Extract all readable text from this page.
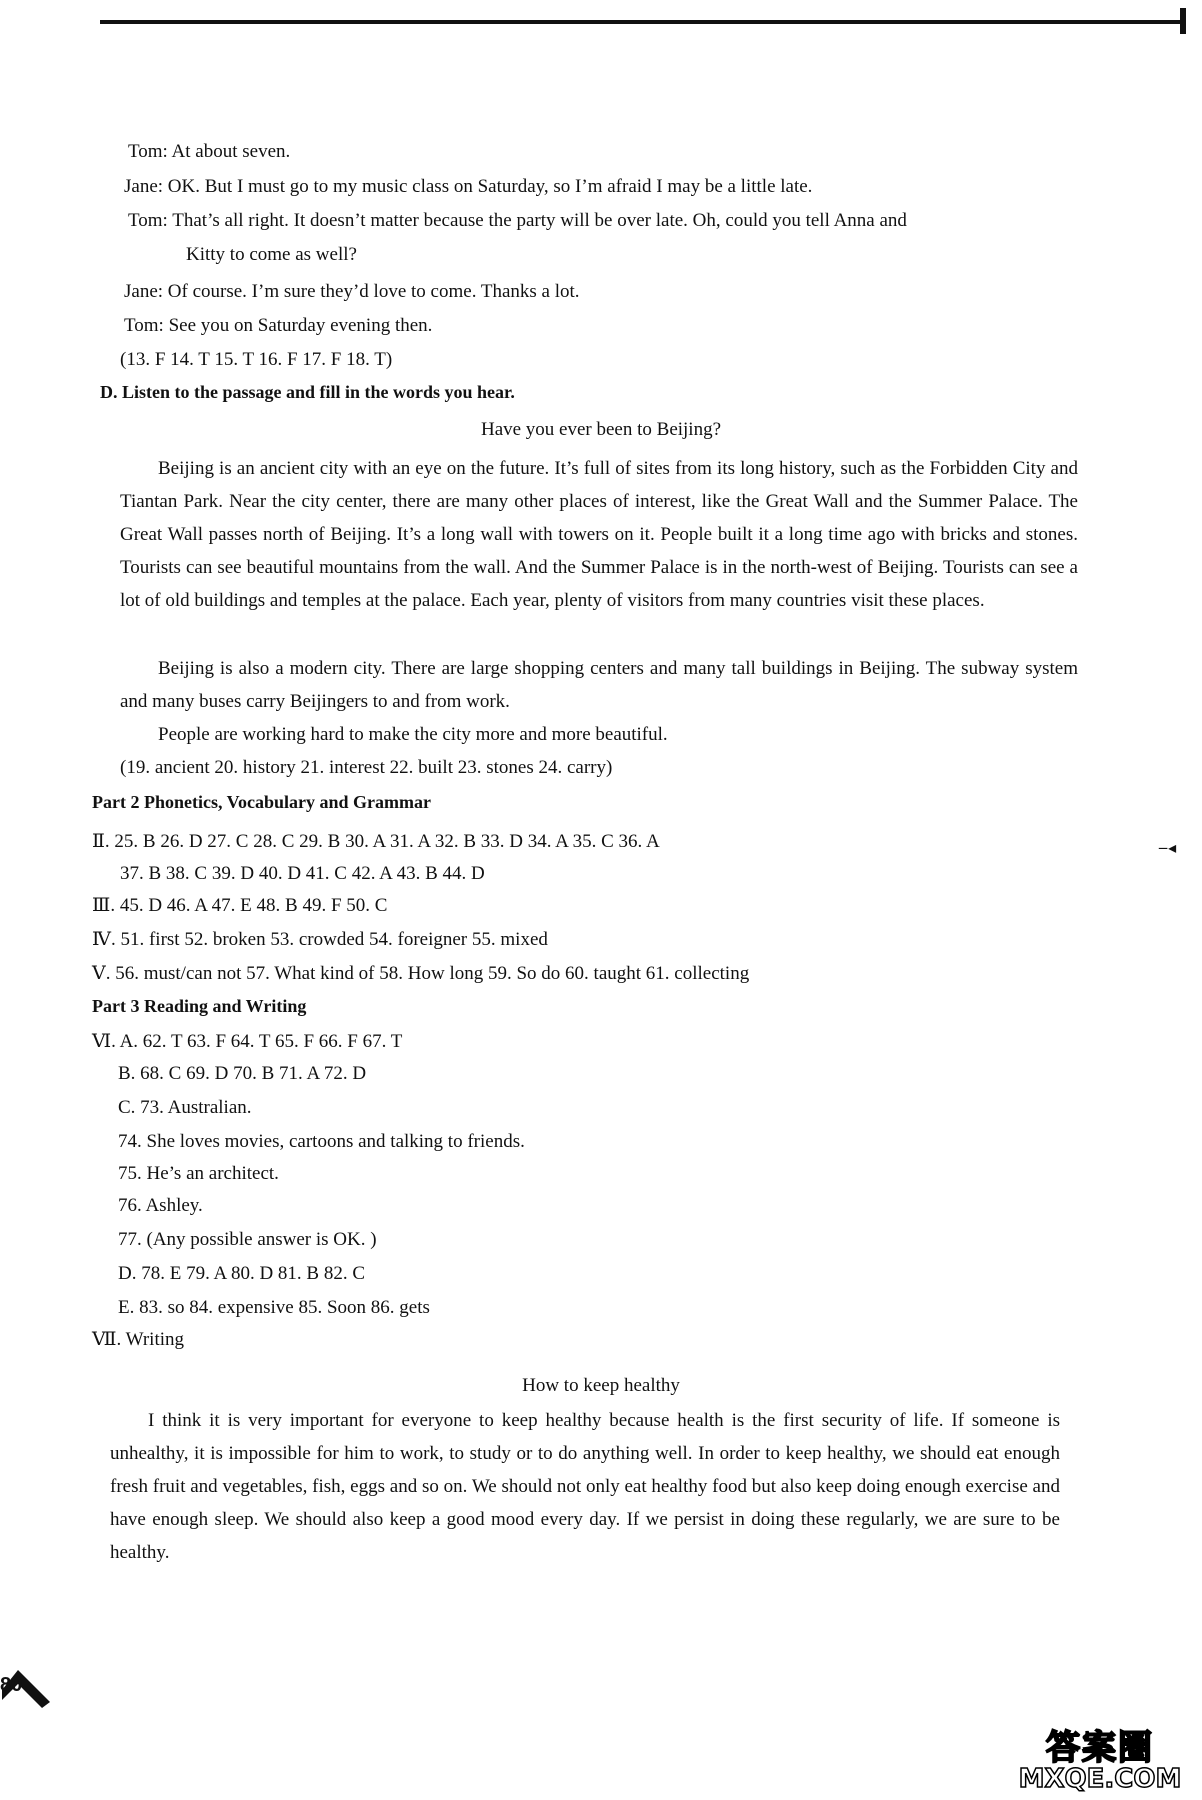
Tom: At about seven.
Jane: OK. But I must go to my music class on Saturday, so I’m afraid I may be a little late.
Tom: That’s all right. It doesn’t matter because the party will be over late. Oh, could you tell Anna and
Kitty to come as well?
Jane: Of course. I’m sure they’d love to come. Thanks a lot.
Tom: See you on Saturday evening then.
(13. F 14. T 15. T 16. F 17. F 18. T)
D. Listen to the passage and fill in the words you hear.
Have you ever been to Beijing?
Beijing is an ancient city with an eye on the future. It’s full of sites from its long history, such as the Forbidden City and Tiantan Park. Near the city center, there are many other places of interest, like the Great Wall and the Summer Palace. The Great Wall passes north of Beijing. It’s a long wall with towers on it. People built it a long time ago with bricks and stones. Tourists can see beautiful mountains from the wall. And the Summer Palace is in the north-west of Beijing. Tourists can see a lot of old buildings and temples at the palace. Each year, plenty of visitors from many countries visit these places.
Beijing is also a modern city. There are large shopping centers and many tall buildings in Beijing. The subway system and many buses carry Beijingers to and from work.
People are working hard to make the city more and more beautiful.
(19. ancient 20. history 21. interest 22. built 23. stones 24. carry)
Part 2 Phonetics, Vocabulary and Grammar
Ⅱ. 25. B 26. D 27. C 28. C 29. B 30. A 31. A 32. B 33. D 34. A 35. C 36. A
37. B 38. C 39. D 40. D 41. C 42. A 43. B 44. D
Ⅲ. 45. D 46. A 47. E 48. B 49. F 50. C
Ⅳ. 51. first 52. broken 53. crowded 54. foreigner 55. mixed
Ⅴ. 56. must/can not 57. What kind of 58. How long 59. So do 60. taught 61. collecting
Part 3 Reading and Writing
Ⅵ. A. 62. T 63. F 64. T 65. F 66. F 67. T
B. 68. C 69. D 70. B 71. A 72. D
C. 73. Australian.
74. She loves movies, cartoons and talking to friends.
75. He’s an architect.
76. Ashley.
77. (Any possible answer is OK. )
D. 78. E 79. A 80. D 81. B 82. C
E. 83. so 84. expensive 85. Soon 86. gets
Ⅶ. Writing
How to keep healthy
I think it is very important for everyone to keep healthy because health is the first security of life. If someone is unhealthy, it is impossible for him to work, to study or to do anything well. In order to keep healthy, we should eat enough fresh fruit and vegetables, fish, eggs and so on. We should not only eat healthy food but also keep doing enough exercise and have enough sleep. We should also keep a good mood every day. If we persist in doing these regularly, we are sure to be healthy.
80
‒◂
答案圈
MXQE.COM
